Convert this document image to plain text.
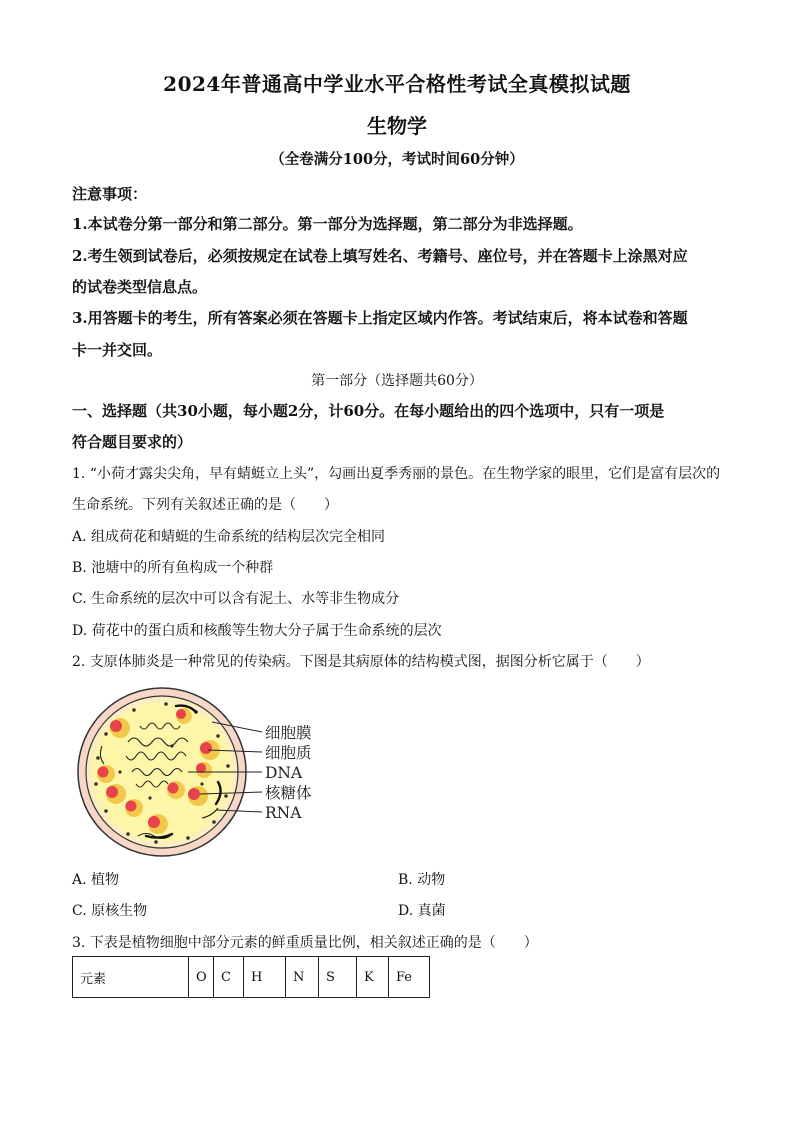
2024年普通高中学业水平合格性考试全真模拟试题
生物学
（全卷满分100分，考试时间60分钟）
注意事项：
1.本试卷分第一部分和第二部分。第一部分为选择题，第二部分为非选择题。
2.考生领到试卷后，必须按规定在试卷上填写姓名、考籍号、座位号，并在答题卡上涂黑对应
的试卷类型信息点。
3.用答题卡的考生，所有答案必须在答题卡上指定区域内作答。考试结束后，将本试卷和答题
卡一并交回。
第一部分（选择题共60分）
一、选择题（共30小题，每小题2分，计60分。在每小题给出的四个选项中，只有一项是
符合题目要求的）
1. “小荷才露尖尖角，早有蜻蜓立上头”，勾画出夏季秀丽的景色。在生物学家的眼里，它们是富有层次的
生命系统。下列有关叙述正确的是（　　）
A. 组成荷花和蜻蜓的生命系统的结构层次完全相同
B. 池塘中的所有鱼构成一个种群
C. 生命系统的层次中可以含有泥土、水等非生物成分
D. 荷花中的蛋白质和核酸等生物大分子属于生命系统的层次
2. 支原体肺炎是一种常见的传染病。下图是其病原体的结构模式图，据图分析它属于（　　）
细胞膜
细胞质
DNA
核糖体
RNA
A. 植物	B. 动物
C. 原核生物	D. 真菌
3. 下表是植物细胞中部分元素的鲜重质量比例，相关叙述正确的是（　　）
元素	O	C	H	N	S	K	Fe
